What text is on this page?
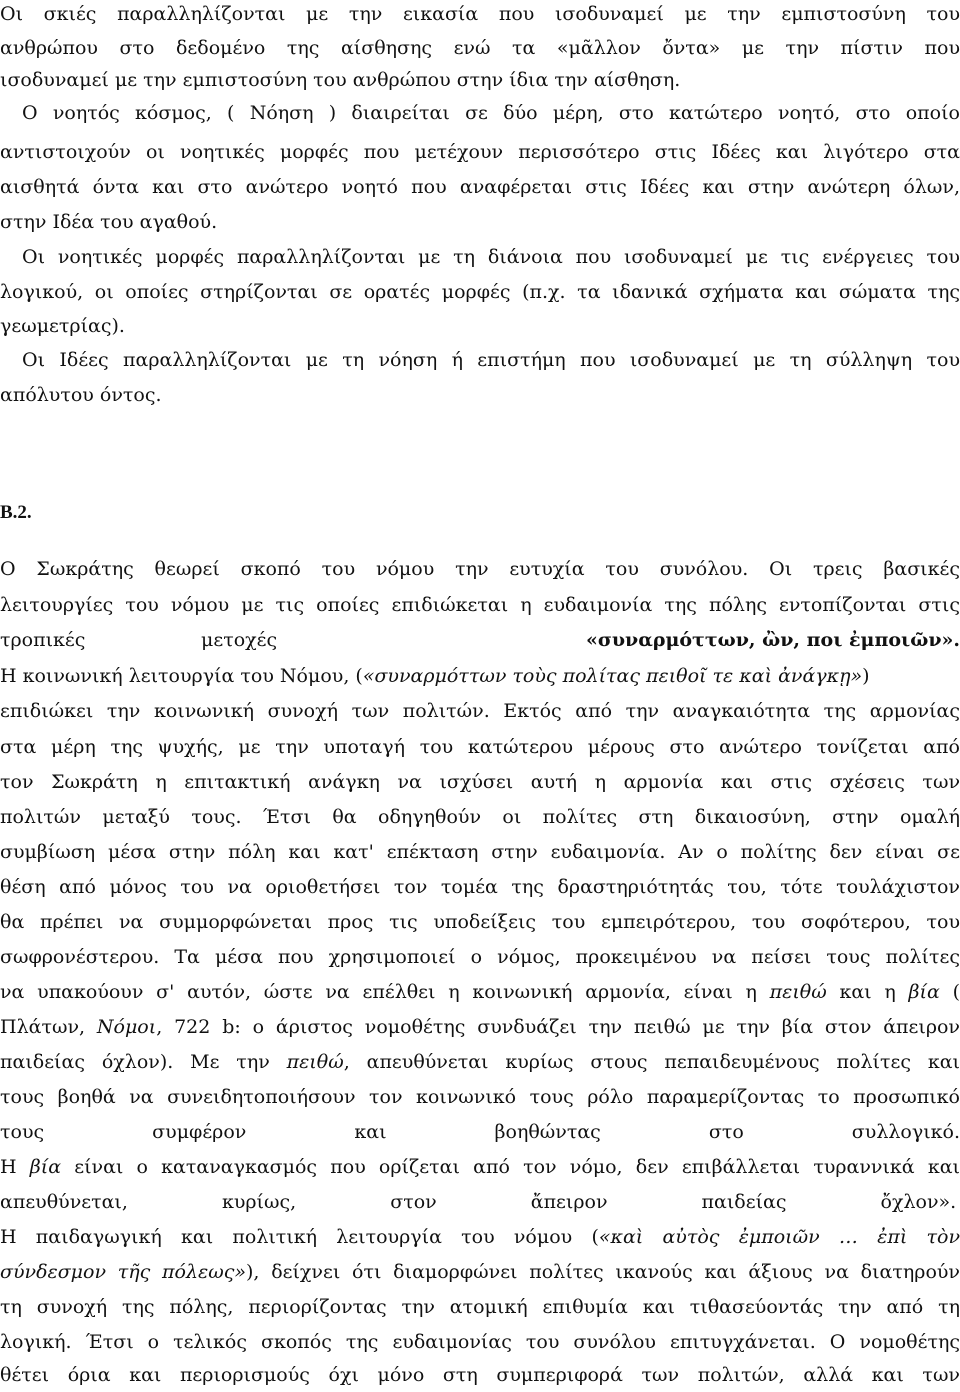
Οι σκιές παραλληλίζονται με την εικασία που ισοδυναμεί με την εμπιστοσύνη του
ανθρώπου στο δεδομένο της αίσθησης ενώ τα «μᾶλλον ὄντα» με την πίστιν που
ισοδυναμεί με την εμπιστοσύνη του ανθρώπου στην ίδια την αίσθηση.
Ο νοητός κόσμος, ( Νόηση ) διαιρείται σε δύο μέρη, στο κατώτερο νοητό, στο οποίο
αντιστοιχούν οι νοητικές μορφές που μετέχουν περισσότερο στις Ιδέες και λιγότερο στα
αισθητά όντα και στο ανώτερο νοητό που αναφέρεται στις Ιδέες και στην ανώτερη όλων,
στην Ιδέα του αγαθού.
Οι νοητικές μορφές παραλληλίζονται με τη διάνοια που ισοδυναμεί με τις ενέργειες του
λογικού, οι οποίες στηρίζονται σε ορατές μορφές (π.χ. τα ιδανικά σχήματα και σώματα της
γεωμετρίας).
Οι Ιδέες παραλληλίζονται με τη νόηση ή επιστήμη που ισοδυναμεί με τη σύλληψη του
απόλυτου όντος.
Β.2.
Ο Σωκράτης θεωρεί σκοπό του νόμου την ευτυχία του συνόλου. Οι τρεις βασικές
λειτουργίες του νόμου με τις οποίες επιδιώκεται η ευδαιμονία της πόλης εντοπίζονται στις
τροπικές	μετοχές	«συναρμόττων, ὢν, ποι ἐμποιῶν».
Η κοινωνική λειτουργία του Νόμου, («συναρμόττων τοὺς πολίτας πειθοῖ τε καὶ ἀνάγκῃ»)
επιδιώκει την κοινωνική συνοχή των πολιτών. Εκτός από την αναγκαιότητα της αρμονίας
στα μέρη της ψυχής, με την υποταγή του κατώτερου μέρους στο ανώτερο τονίζεται από
τον Σωκράτη η επιτακτική ανάγκη να ισχύσει αυτή η αρμονία και στις σχέσεις των
πολιτών μεταξύ τους. Έτσι θα οδηγηθούν οι πολίτες στη δικαιοσύνη, στην ομαλή
συμβίωση μέσα στην πόλη και κατ' επέκταση στην ευδαιμονία. Αν ο πολίτης δεν είναι σε
θέση από μόνος του να οριοθετήσει τον τομέα της δραστηριότητάς του, τότε τουλάχιστον
θα πρέπει να συμμορφώνεται προς τις υποδείξεις του εμπειρότερου, του σοφότερου, του
σωφρονέστερου. Τα μέσα που χρησιμοποιεί ο νόμος, προκειμένου να πείσει τους πολίτες
να υπακούουν σ' αυτόν, ώστε να επέλθει η κοινωνική αρμονία, είναι η πειθώ και η βία (
Πλάτων, Νόμοι, 722 b: ο άριστος νομοθέτης συνδυάζει την πειθώ με την βία στον άπειρον
παιδείας όχλον). Με την πειθώ, απευθύνεται κυρίως στους πεπαιδευμένους πολίτες και
τους βοηθά να συνειδητοποιήσουν τον κοινωνικό τους ρόλο παραμερίζοντας το προσωπικό
τους συμφέρον και βοηθώντας στο συλλογικό.
Η βία είναι ο καταναγκασμός που ορίζεται από τον νόμο, δεν επιβάλλεται τυραννικά και
απευθύνεται, κυρίως, στον ἄπειρον παιδείας ὄχλον».
Η παιδαγωγική και πολιτική λειτουργία του νόμου («καὶ αὐτὸς ἐμποιῶν … ἐπὶ τὸν
σύνδεσμον τῆς πόλεως»), δείχνει ότι διαμορφώνει πολίτες ικανούς και άξιους να διατηρούν
τη συνοχή της πόλης, περιορίζοντας την ατομική επιθυμία και τιθασεύοντάς την από τη
λογική. Έτσι ο τελικός σκοπός της ευδαιμονίας του συνόλου επιτυγχάνεται. Ο νομοθέτης
θέτει όρια και περιορισμούς όχι μόνο στη συμπεριφορά των πολιτών, αλλά και των
